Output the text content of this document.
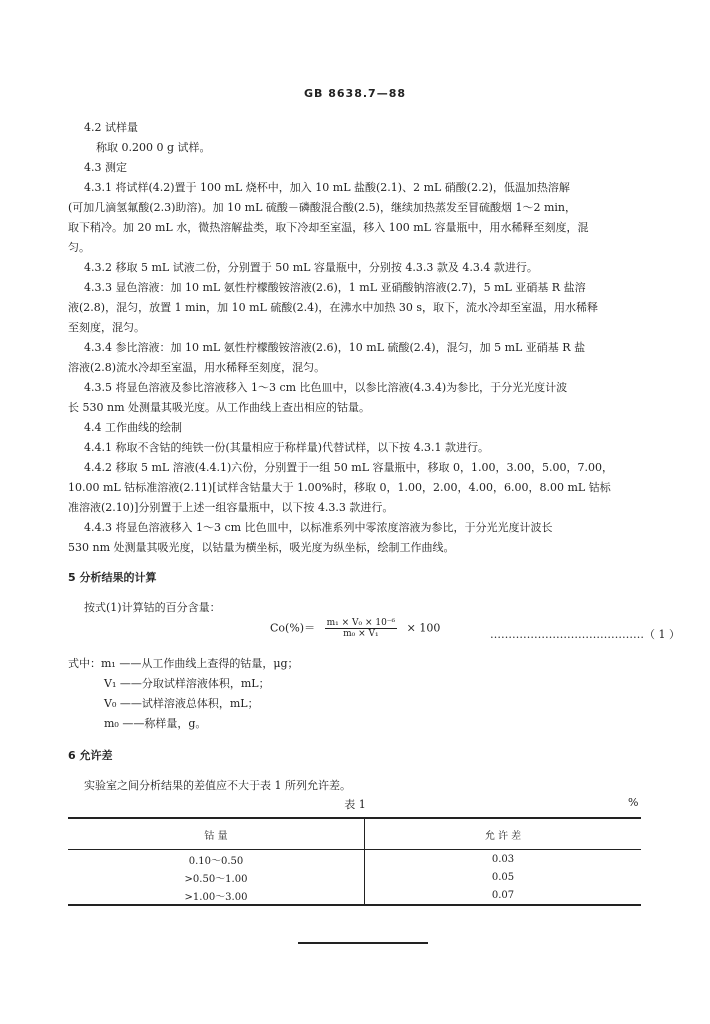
GB 8638.7—88
4.2 试样量
称取 0.200 0 g 试样。
4.3 测定
4.3.1 将试样(4.2)置于 100 mL 烧杯中，加入 10 mL 盐酸(2.1)、2 mL 硝酸(2.2)，低温加热溶解
(可加几滴氢氟酸(2.3)助溶)。加 10 mL 硫酸－磷酸混合酸(2.5)，继续加热蒸发至冒硫酸烟 1～2 min，
取下稍冷。加 20 mL 水，微热溶解盐类，取下冷却至室温，移入 100 mL 容量瓶中，用水稀释至刻度，混
匀。
4.3.2 移取 5 mL 试液二份，分别置于 50 mL 容量瓶中，分别按 4.3.3 款及 4.3.4 款进行。
4.3.3 显色溶液：加 10 mL 氨性柠檬酸铵溶液(2.6)，1 mL 亚硝酸钠溶液(2.7)，5 mL 亚硝基 R 盐溶
液(2.8)，混匀，放置 1 min，加 10 mL 硫酸(2.4)，在沸水中加热 30 s，取下，流水冷却至室温，用水稀释
至刻度，混匀。
4.3.4 参比溶液：加 10 mL 氨性柠檬酸铵溶液(2.6)，10 mL 硫酸(2.4)，混匀，加 5 mL 亚硝基 R 盐
溶液(2.8)流水冷却至室温，用水稀释至刻度，混匀。
4.3.5 将显色溶液及参比溶液移入 1～3 cm 比色皿中，以参比溶液(4.3.4)为参比，于分光光度计波
长 530 nm 处测量其吸光度。从工作曲线上查出相应的钴量。
4.4 工作曲线的绘制
4.4.1 称取不含钴的纯铁一份(其量相应于称样量)代替试样，以下按 4.3.1 款进行。
4.4.2 移取 5 mL 溶液(4.4.1)六份，分别置于一组 50 mL 容量瓶中，移取 0，1.00，3.00，5.00，7.00，
10.00 mL 钴标准溶液(2.11)[试样含钴量大于 1.00%时，移取 0，1.00，2.00，4.00，6.00，8.00 mL 钴标
准溶液(2.10)]分别置于上述一组容量瓶中，以下按 4.3.3 款进行。
4.4.3 将显色溶液移入 1～3 cm 比色皿中，以标准系列中零浓度溶液为参比，于分光光度计波长
530 nm 处测量其吸光度，以钴量为横坐标，吸光度为纵坐标，绘制工作曲线。
5 分析结果的计算
按式(1)计算钴的百分含量：
式中：m₁ ——从工作曲线上查得的钴量，μg；
V₁ ——分取试样溶液体积，mL；
V₀ ——试样溶液总体积，mL；
m₀ ——称样量，g。
6 允许差
实验室之间分析结果的差值应不大于表 1 所列允许差。
$Co(\%)= \frac{\text{m₁ × V₀ × 10⁻⁶}}{\text{m₀ × V₁}} \times 100$	……………………………………（ 1 ）
表 1	%
钴 量	允 许 差
0.10～0.50	0.03
>0.50～1.00	0.05
>1.00～3.00	0.07
